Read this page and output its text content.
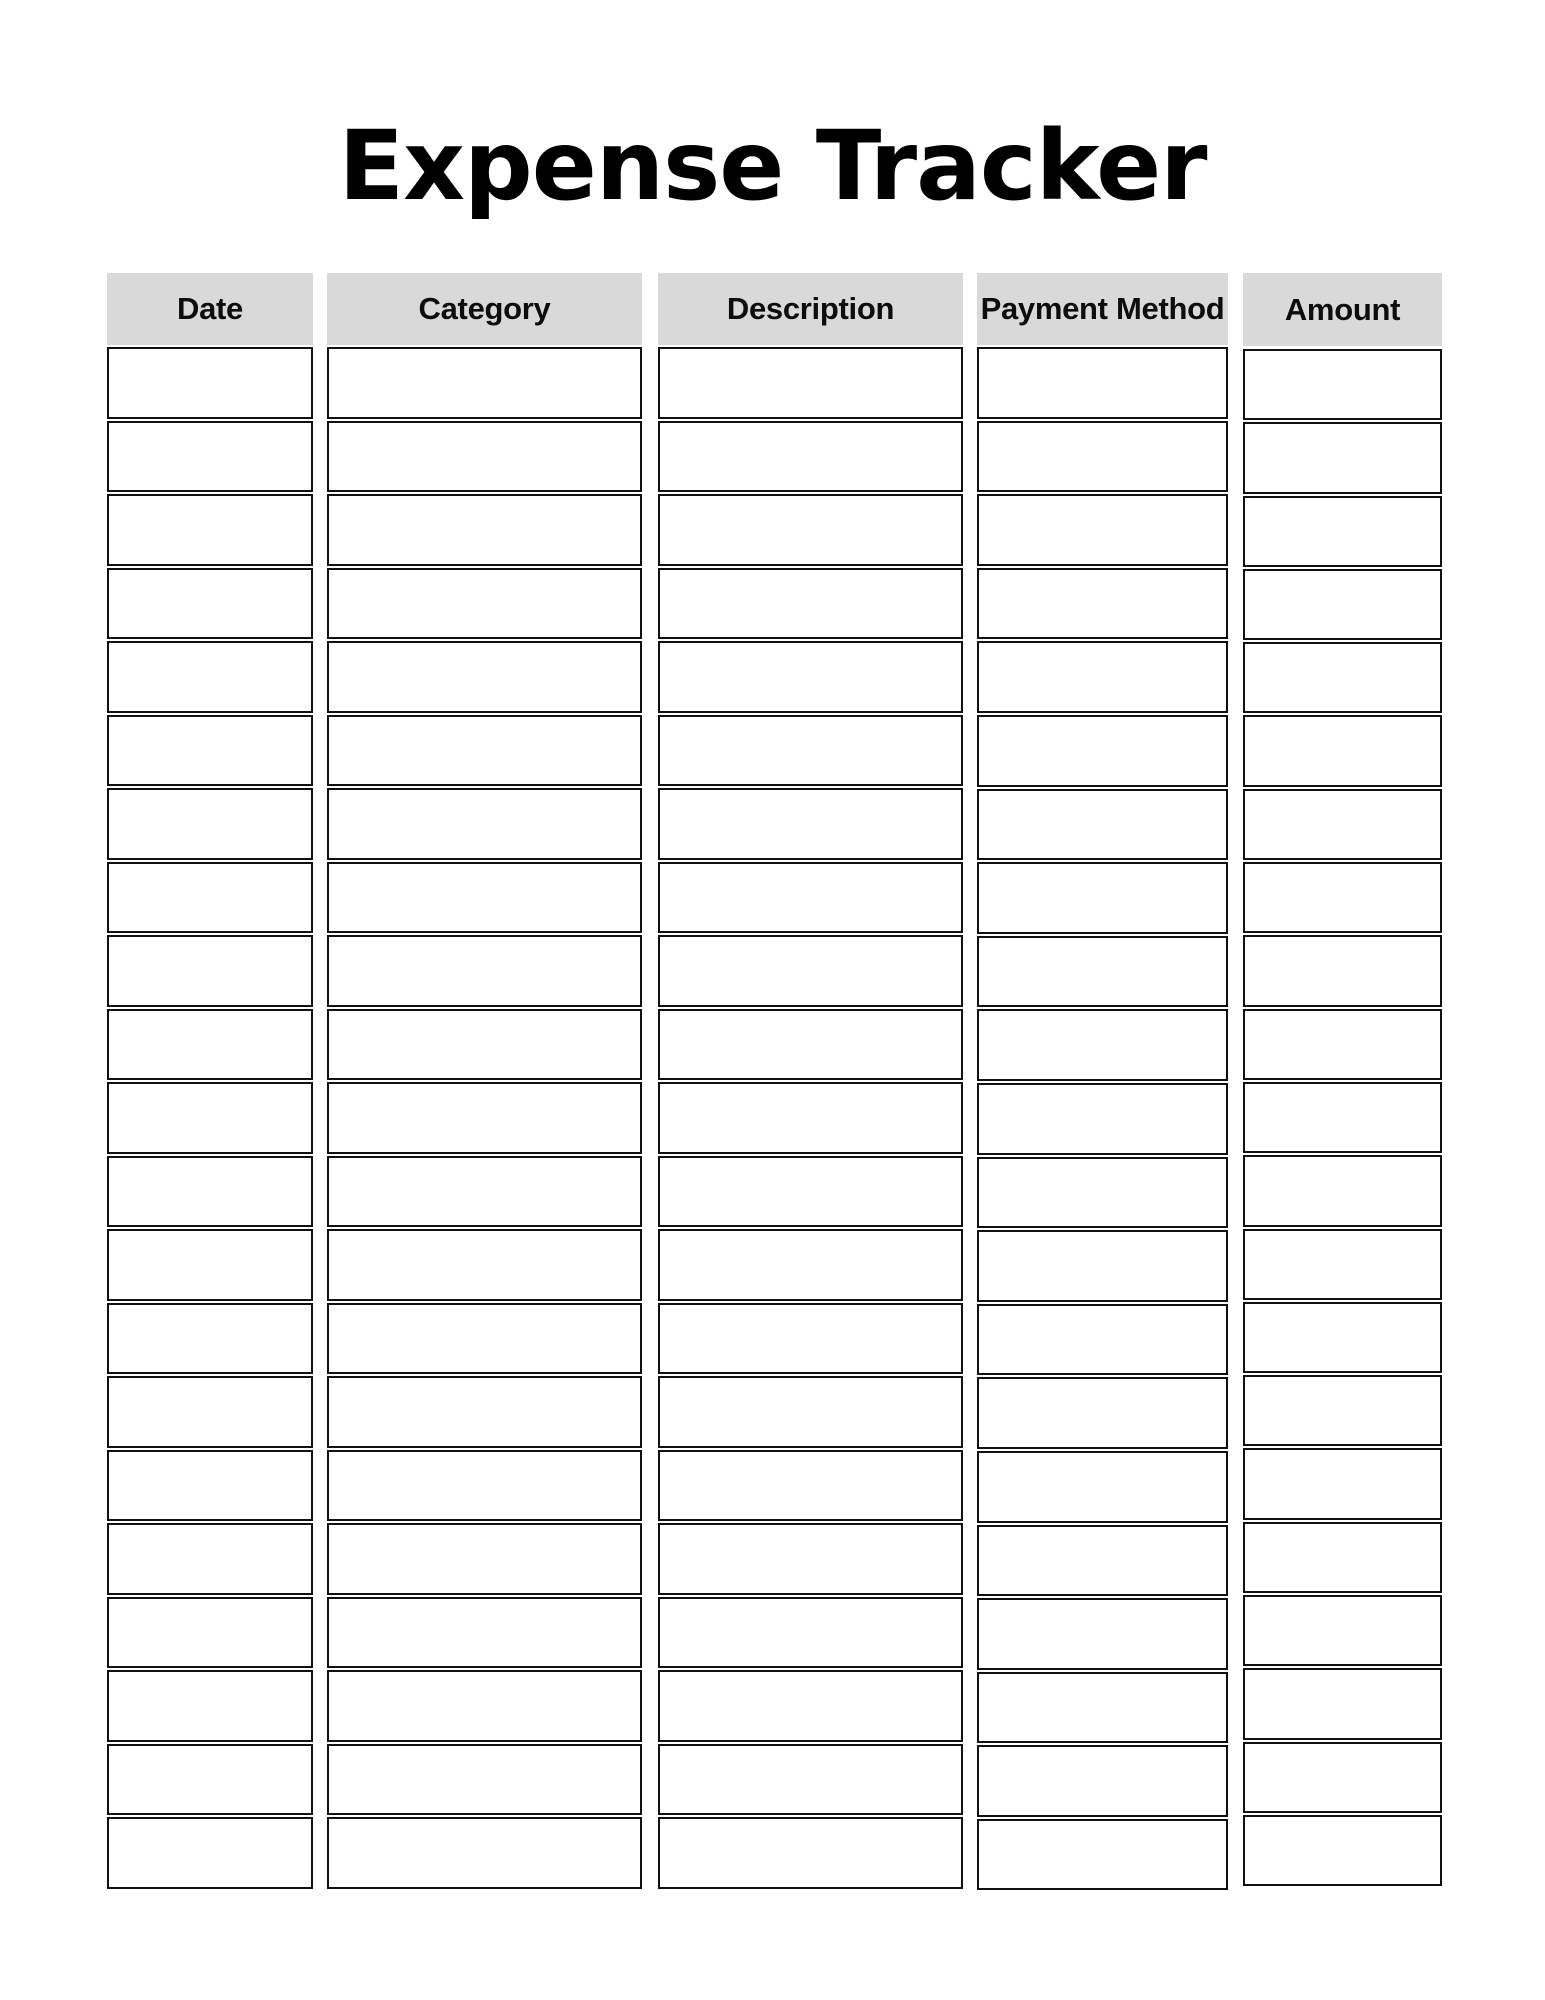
Expense Tracker
Date	Category	Description	Payment Method	Amount
